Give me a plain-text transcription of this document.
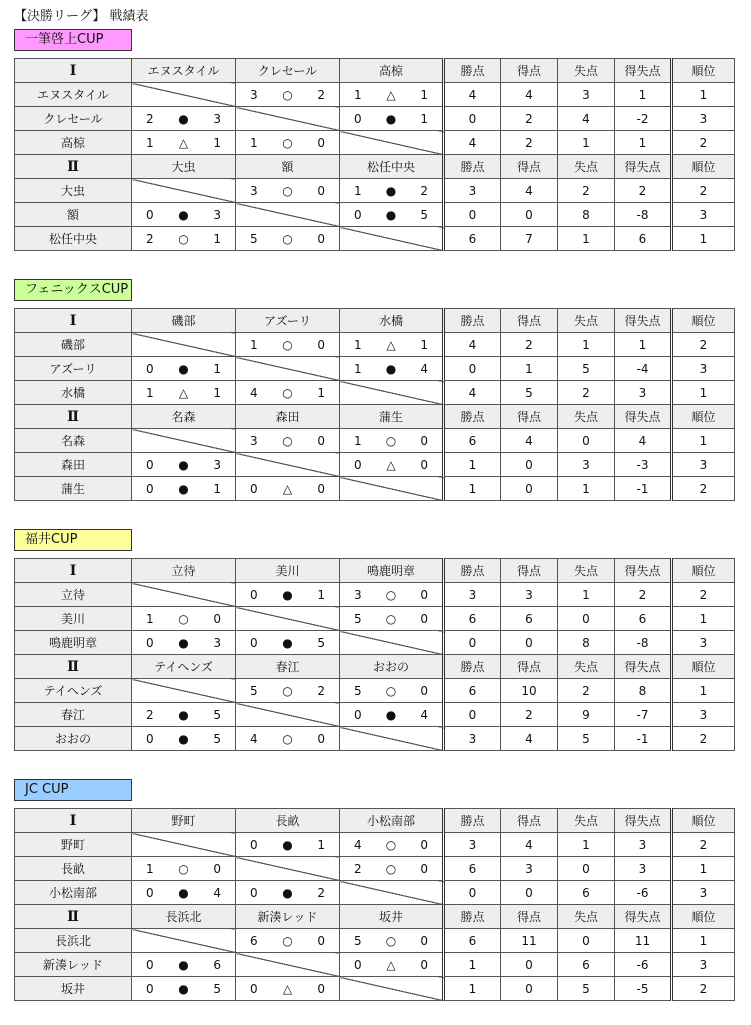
【決勝リーグ】 戦績表
一筆啓上CUP
Ⅰ	エヌスタイル	クレセール	高椋	勝点	得点	失点	得失点	順位
エヌスタイル		3 ○ 2	1 △ 1	4	4	3	1	1
クレセール	2 ● 3		0 ● 1	0	2	4	-2	3
高椋	1 △ 1	1 ○ 0		4	2	1	1	2
Ⅱ	大虫	額	松任中央	勝点	得点	失点	得失点	順位
大虫		3 ○ 0	1 ● 2	3	4	2	2	2
額	0 ● 3		0 ● 5	0	0	8	-8	3
松任中央	2 ○ 1	5 ○ 0		6	7	1	6	1
フェニックスCUP
Ⅰ	磯部	アズーリ	水橋	勝点	得点	失点	得失点	順位
磯部		1 ○ 0	1 △ 1	4	2	1	1	2
アズーリ	0 ● 1		1 ● 4	0	1	5	-4	3
水橋	1 △ 1	4 ○ 1		4	5	2	3	1
Ⅱ	名森	森田	蒲生	勝点	得点	失点	得失点	順位
名森		3 ○ 0	1 ○ 0	6	4	0	4	1
森田	0 ● 3		0 △ 0	1	0	3	-3	3
蒲生	0 ● 1	0 △ 0		1	0	1	-1	2
福井CUP
Ⅰ	立待	美川	鳴鹿明章	勝点	得点	失点	得失点	順位
立待		0 ● 1	3 ○ 0	3	3	1	2	2
美川	1 ○ 0		5 ○ 0	6	6	0	6	1
鳴鹿明章	0 ● 3	0 ● 5		0	0	8	-8	3
Ⅱ	テイヘンズ	春江	おおの	勝点	得点	失点	得失点	順位
テイヘンズ		5 ○ 2	5 ○ 0	6	10	2	8	1
春江	2 ● 5		0 ● 4	0	2	9	-7	3
おおの	0 ● 5	4 ○ 0		3	4	5	-1	2
JC CUP
Ⅰ	野町	長畝	小松南部	勝点	得点	失点	得失点	順位
野町		0 ● 1	4 ○ 0	3	4	1	3	2
長畝	1 ○ 0		2 ○ 0	6	3	0	3	1
小松南部	0 ● 4	0 ● 2		0	0	6	-6	3
Ⅱ	長浜北	新湊レッド	坂井	勝点	得点	失点	得失点	順位
長浜北		6 ○ 0	5 ○ 0	6	11	0	11	1
新湊レッド	0 ● 6		0 △ 0	1	0	6	-6	3
坂井	0 ● 5	0 △ 0		1	0	5	-5	2
